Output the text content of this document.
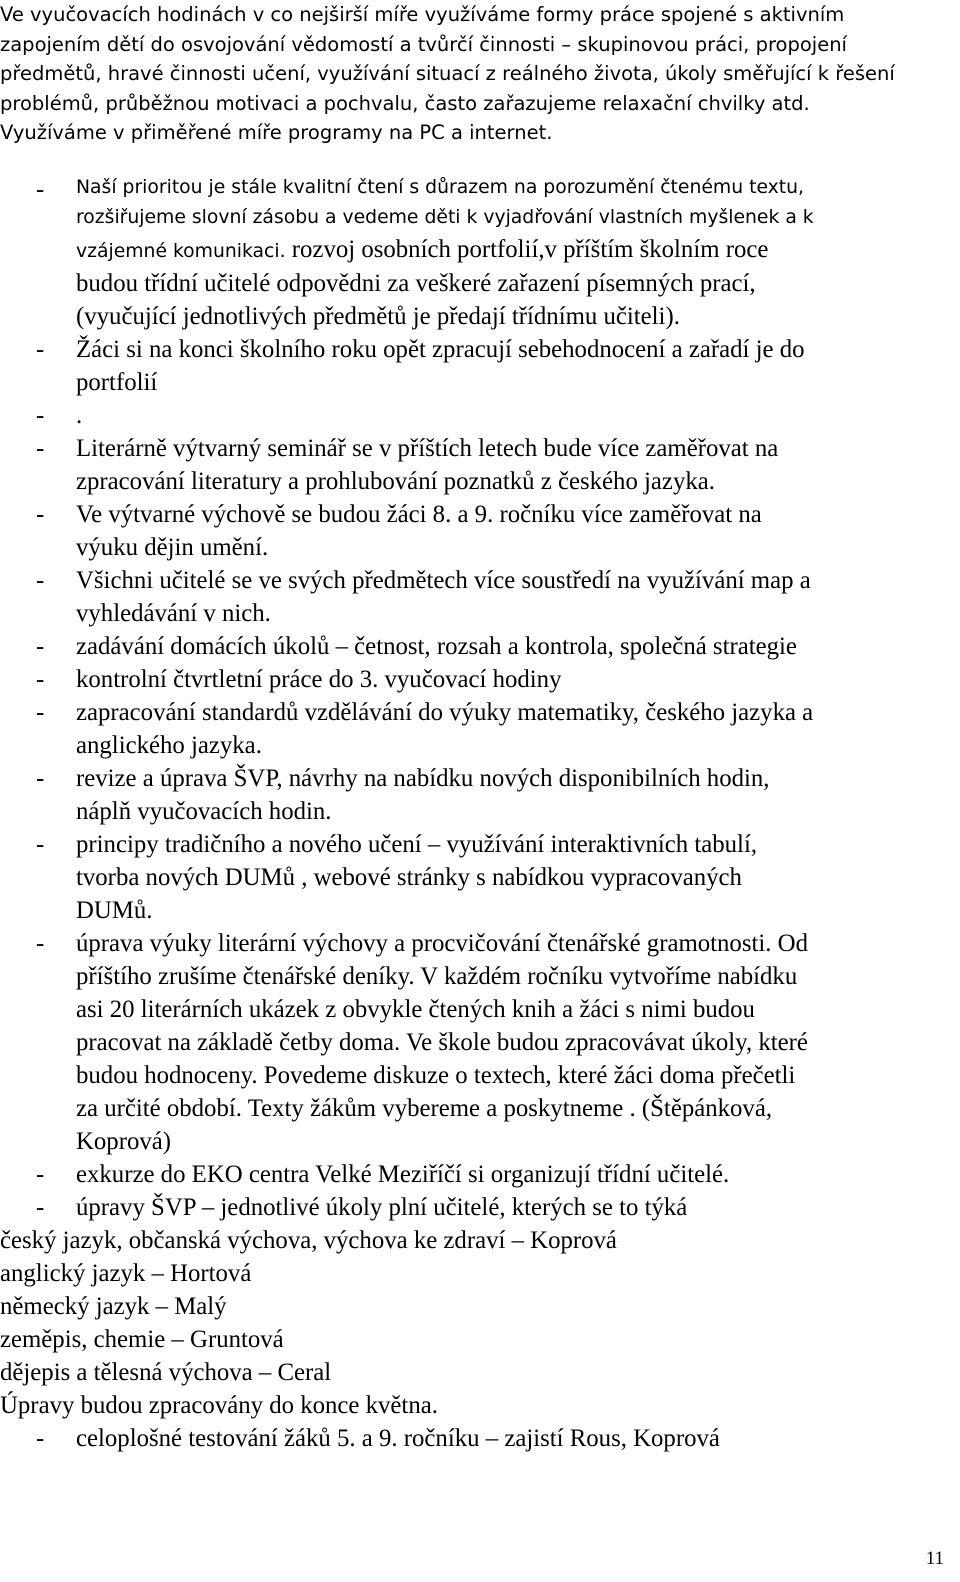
Ve vyučovacích hodinách v co nejširší míře využíváme formy práce spojené s aktivním
zapojením dětí do osvojování vědomostí a tvůrčí činnosti – skupinovou práci, propojení
předmětů, hravé činnosti učení, využívání situací z reálného života, úkoly směřující k řešení
problémů, průběžnou motivaci a pochvalu, často zařazujeme relaxační chvilky atd.
Využíváme v přiměřené míře programy na PC a internet.
- Naší prioritou je stále kvalitní čtení s důrazem na porozumění čtenému textu,
rozšiřujeme slovní zásobu a vedeme děti k vyjadřování vlastních myšlenek a k
vzájemné komunikaci. rozvoj osobních portfolií,v příštím školním roce
budou třídní učitelé odpovědni za veškeré zařazení písemných prací,
(vyučující jednotlivých předmětů je předají třídnímu učiteli).
- Žáci si na konci školního roku opět zpracují sebehodnocení a zařadí je do
portfolií
- .
- Literárně výtvarný seminář se v příštích letech bude více zaměřovat na
zpracování literatury a prohlubování poznatků z českého jazyka.
- Ve výtvarné výchově se budou žáci 8. a 9. ročníku více zaměřovat na
výuku dějin umění.
- Všichni učitelé se ve svých předmětech více soustředí na využívání map a
vyhledávání v nich.
- zadávání domácích úkolů – četnost, rozsah a kontrola, společná strategie
- kontrolní čtvrtletní práce do 3. vyučovací hodiny
- zapracování standardů vzdělávání do výuky matematiky, českého jazyka a
anglického jazyka.
- revize a úprava ŠVP, návrhy na nabídku nových disponibilních hodin,
náplň vyučovacích hodin.
- principy tradičního a nového učení – využívání interaktivních tabulí,
tvorba nových DUMů , webové stránky s nabídkou vypracovaných
DUMů.
- úprava výuky literární výchovy a procvičování čtenářské gramotnosti. Od
příštího zrušíme čtenářské deníky. V každém ročníku vytvoříme nabídku
asi 20 literárních ukázek z obvykle čtených knih a žáci s nimi budou
pracovat na základě četby doma. Ve škole budou zpracovávat úkoly, které
budou hodnoceny. Povedeme diskuze o textech, které žáci doma přečetli
za určité období. Texty žákům vybereme a poskytneme . (Štěpánková,
Koprová)
- exkurze do EKO centra Velké Meziříčí si organizují třídní učitelé.
- úpravy ŠVP – jednotlivé úkoly plní učitelé, kterých se to týká
český jazyk, občanská výchova, výchova ke zdraví – Koprová
anglický jazyk – Hortová
německý jazyk – Malý
zeměpis, chemie – Gruntová
dějepis a tělesná výchova – Ceral
Úpravy budou zpracovány do konce května.
- celoplošné testování žáků 5. a 9. ročníku – zajistí Rous, Koprová
11
